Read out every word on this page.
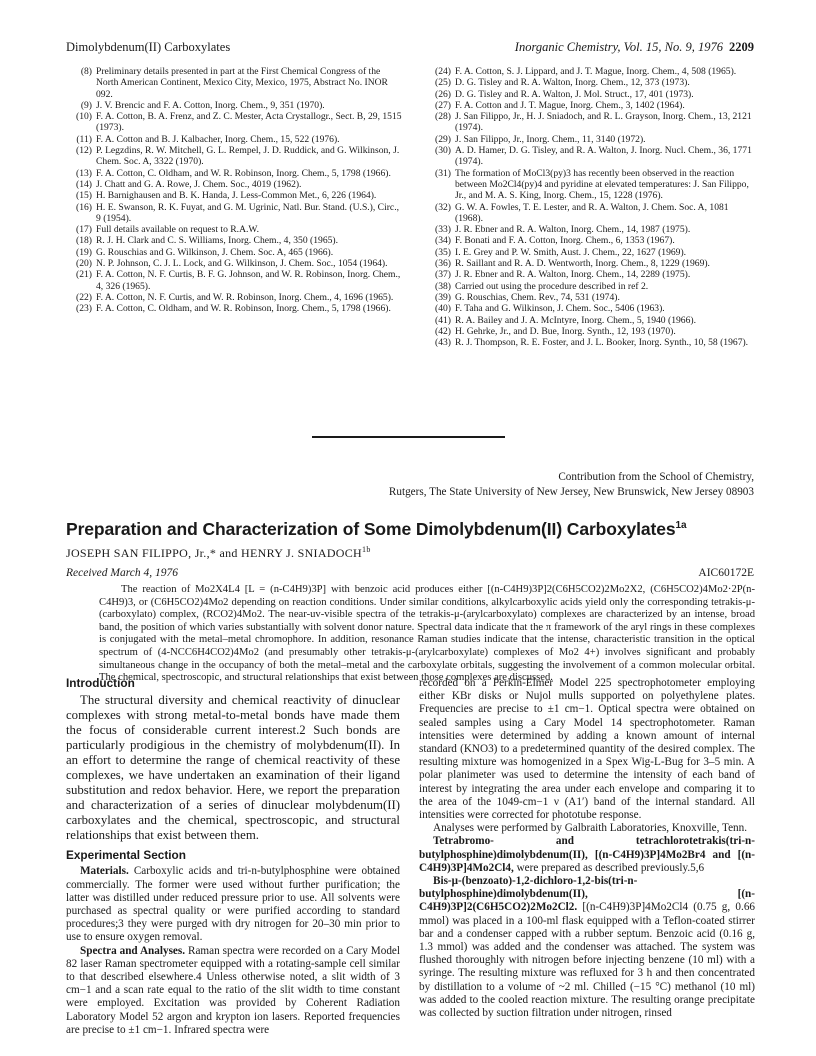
Dimolybdenum(II) Carboxylates	Inorganic Chemistry, Vol. 15, No. 9, 1976 2209

(8) Preliminary details presented in part at the First Chemical Congress of the North American Continent, Mexico City, Mexico, 1975, Abstract No. INOR 092.

(9) J. V. Brencic and F. A. Cotton, Inorg. Chem., 9, 351 (1970).

(10) F. A. Cotton, B. A. Frenz, and Z. C. Mester, Acta Crystallogr., Sect. B, 29, 1515 (1973).

(11) F. A. Cotton and B. J. Kalbacher, Inorg. Chem., 15, 522 (1976).

(12) P. Legzdins, R. W. Mitchell, G. L. Rempel, J. D. Ruddick, and G. Wilkinson, J. Chem. Soc. A, 3322 (1970).

(13) F. A. Cotton, C. Oldham, and W. R. Robinson, Inorg. Chem., 5, 1798 (1966).

(14) J. Chatt and G. A. Rowe, J. Chem. Soc., 4019 (1962).

(15) H. Barnighausen and B. K. Handa, J. Less-Common Met., 6, 226 (1964).

(16) H. E. Swanson, R. K. Fuyat, and G. M. Ugrinic, Natl. Bur. Stand. (U.S.), Circ., 9 (1954).

(17) Full details available on request to R.A.W.

(18) R. J. H. Clark and C. S. Williams, Inorg. Chem., 4, 350 (1965).

(19) G. Rouschias and G. Wilkinson, J. Chem. Soc. A, 465 (1966).

(20) N. P. Johnson, C. J. L. Lock, and G. Wilkinson, J. Chem. Soc., 1054 (1964).

(21) F. A. Cotton, N. F. Curtis, B. F. G. Johnson, and W. R. Robinson, Inorg. Chem., 4, 326 (1965).

(22) F. A. Cotton, N. F. Curtis, and W. R. Robinson, Inorg. Chem., 4, 1696 (1965).

(23) F. A. Cotton, C. Oldham, and W. R. Robinson, Inorg. Chem., 5, 1798 (1966).

(24) F. A. Cotton, S. J. Lippard, and J. T. Mague, Inorg. Chem., 4, 508 (1965).

(25) D. G. Tisley and R. A. Walton, Inorg. Chem., 12, 373 (1973).

(26) D. G. Tisley and R. A. Walton, J. Mol. Struct., 17, 401 (1973).

(27) F. A. Cotton and J. T. Mague, Inorg. Chem., 3, 1402 (1964).

(28) J. San Filippo, Jr., H. J. Sniadoch, and R. L. Grayson, Inorg. Chem., 13, 2121 (1974).

(29) J. San Filippo, Jr., Inorg. Chem., 11, 3140 (1972).

(30) A. D. Hamer, D. G. Tisley, and R. A. Walton, J. Inorg. Nucl. Chem., 36, 1771 (1974).

(31) The formation of MoCl3(py)3 has recently been observed in the reaction between Mo2Cl4(py)4 and pyridine at elevated temperatures: J. San Filippo, Jr., and M. A. S. King, Inorg. Chem., 15, 1228 (1976).

(32) G. W. A. Fowles, T. E. Lester, and R. A. Walton, J. Chem. Soc. A, 1081 (1968).

(33) J. R. Ebner and R. A. Walton, Inorg. Chem., 14, 1987 (1975).

(34) F. Bonati and F. A. Cotton, Inorg. Chem., 6, 1353 (1967).

(35) I. E. Grey and P. W. Smith, Aust. J. Chem., 22, 1627 (1969).

(36) R. Saillant and R. A. D. Wentworth, Inorg. Chem., 8, 1229 (1969).

(37) J. R. Ebner and R. A. Walton, Inorg. Chem., 14, 2289 (1975).

(38) Carried out using the procedure described in ref 2.

(39) G. Rouschias, Chem. Rev., 74, 531 (1974).

(40) F. Taha and G. Wilkinson, J. Chem. Soc., 5406 (1963).

(41) R. A. Bailey and J. A. McIntyre, Inorg. Chem., 5, 1940 (1966).

(42) H. Gehrke, Jr., and D. Bue, Inorg. Synth., 12, 193 (1970).

(43) R. J. Thompson, R. E. Foster, and J. L. Booker, Inorg. Synth., 10, 58 (1967).

Contribution from the School of Chemistry,
Rutgers, The State University of New Jersey, New Brunswick, New Jersey 08903
Preparation and Characterization of Some Dimolybdenum(II) Carboxylates$^{1a}$
JOSEPH SAN FILIPPO, Jr.,* and HENRY J. $SNIADOCH^{1b}$
Received March 4, 1976	AIC60172E

The reaction of Mo2X4L4 [L = (n-C4H9)3P] with benzoic acid produces either [(n-C4H9)3P]2(C6H5CO2)2Mo2X2, (C6H5CO2)4Mo2·2P(n-C4H9)3, or (C6H5CO2)4Mo2 depending on reaction conditions. Under similar conditions, alkylcarboxylic acids yield only the corresponding tetrakis-μ-(carboxylato) complex, (RCO2)4Mo2. The near-uv-visible spectra of the tetrakis-μ-(arylcarboxylato) complexes are characterized by an intense, broad band, the position of which varies substantially with solvent donor nature. Spectral data indicate that the π framework of the aryl rings in these complexes is conjugated with the metal–metal chromophore. In addition, resonance Raman studies indicate that the intense, characteristic transition in the optical spectrum of (4-NCC6H4CO2)4Mo2 (and presumably other tetrakis-μ-(arylcarboxylate) complexes of Mo2 4+) involves significant and probably simultaneous change in the occupancy of both the metal–metal and the carboxylate orbitals, suggesting the involvement of a common molecular orbital. The chemical, spectroscopic, and structural relationships that exist between those complexes are discussed.

Introduction

The structural diversity and chemical reactivity of dinuclear complexes with strong metal-to-metal bonds have made them the focus of considerable current interest.2 Such bonds are particularly prodigious in the chemistry of molybdenum(II). In an effort to determine the range of chemical reactivity of these complexes, we have undertaken an examination of their ligand substitution and redox behavior. Here, we report the preparation and characterization of a series of dinuclear molybdenum(II) carboxylates and the chemical, spectroscopic, and structural relationships that exist between them.

Experimental Section

Materials. Carboxylic acids and tri-n-butylphosphine were obtained commercially. The former were used without further purification; the latter was distilled under reduced pressure prior to use. All solvents were purchased as spectral quality or were purified according to standard procedures;3 they were purged with dry nitrogen for 20–30 min prior to use to ensure oxygen removal.

Spectra and Analyses. Raman spectra were recorded on a Cary Model 82 laser Raman spectrometer equipped with a rotating-sample cell similar to that described elsewhere.4 Unless otherwise noted, a slit width of 3 cm−1 and a scan rate equal to the ratio of the slit width to time constant were employed. Excitation was provided by Coherent Radiation Laboratory Model 52 argon and krypton ion lasers. Reported frequencies are precise to ±1 cm−1. Infrared spectra were

recorded on a Perkin-Elmer Model 225 spectrophotometer employing either KBr disks or Nujol mulls supported on polyethylene plates. Frequencies are precise to ±1 cm−1. Optical spectra were obtained on sealed samples using a Cary Model 14 spectrophotometer. Raman intensities were determined by adding a known amount of internal standard (KNO3) to a predetermined quantity of the desired complex. The resulting mixture was homogenized in a Spex Wig-L-Bug for 3–5 min. A polar planimeter was used to determine the intensity of each band of interest by integrating the area under each envelope and comparing it to the area of the 1049-cm−1 ν (A1′) band of the internal standard. All intensities were corrected for phototube response.

Analyses were performed by Galbraith Laboratories, Knoxville, Tenn.

Tetrabromo- and tetrachlorotetrakis(tri-n-butylphosphine)dimolybdenum(II), [(n-C4H9)3P]4Mo2Br4 and [(n-C4H9)3P]4Mo2Cl4, were prepared as described previously.5,6

Bis-μ-(benzoato)-1,2-dichloro-1,2-bis(tri-n-butylphosphine)dimolybdenum(II), [(n-C4H9)3P]2(C6H5CO2)2Mo2Cl2. [(n-C4H9)3P]4Mo2Cl4 (0.75 g, 0.66 mmol) was placed in a 100-ml flask equipped with a Teflon-coated stirrer bar and a condenser capped with a rubber septum. Benzoic acid (0.16 g, 1.3 mmol) was added and the condenser was attached. The system was flushed thoroughly with nitrogen before injecting benzene (10 ml) with a syringe. The resulting mixture was refluxed for 3 h and then concentrated by distillation to a volume of ~2 ml. Chilled (−15 °C) methanol (10 ml) was added to the cooled reaction mixture. The resulting orange precipitate was collected by suction filtration under nitrogen, rinsed
